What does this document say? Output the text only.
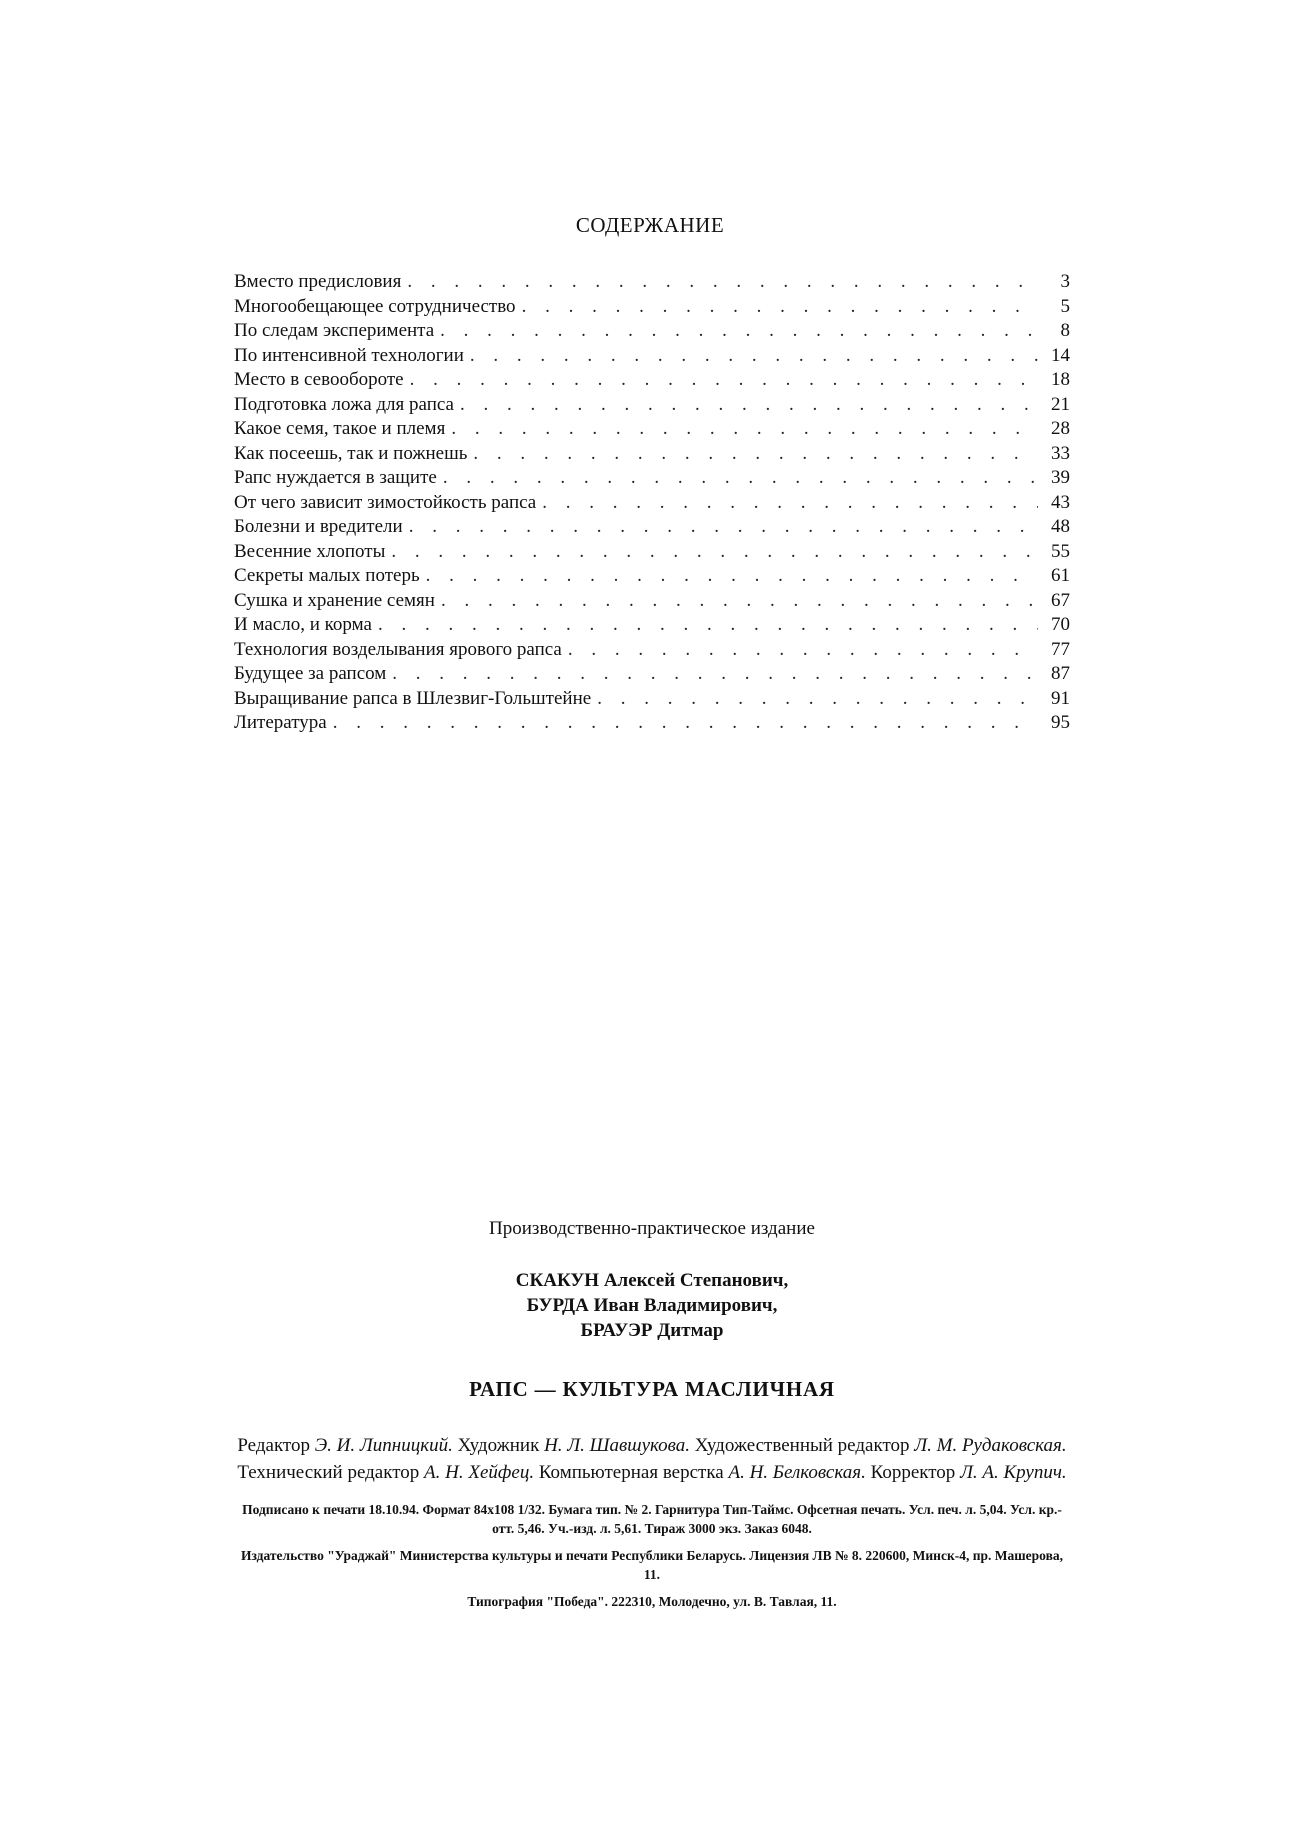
СОДЕРЖАНИЕ
Вместо предисловия . . .	3
Многообещающее сотрудничество . . .	5
По следам эксперимента . . .	8
По интенсивной технологии . . .	14
Место в севообороте . . .	18
Подготовка ложа для рапса . . .	21
Какое семя, такое и племя . . .	28
Как посеешь, так и пожнешь . . .	33
Рапс нуждается в защите . . .	39
От чего зависит зимостойкость рапса . . .	43
Болезни и вредители . . .	48
Весенние хлопоты . . .	55
Секреты малых потерь . . .	61
Сушка и хранение семян . . .	67
И масло, и корма . . .	70
Технология возделывания ярового рапса . . .	77
Будущее за рапсом . . .	87
Выращивание рапса в Шлезвиг-Гольштейне . . .	91
Литература . . .	95

Производственно-практическое издание

СКАКУН Алексей Степанович,
БУРДА Иван Владимирович,
БРАУЭР Дитмар

РАПС — КУЛЬТУРА МАСЛИЧНАЯ

Редактор Э. И. Липницкий. Художник Н. Л. Шавшукова. Художественный редактор Л. М. Рудаковская. Технический редактор А. Н. Хейфец. Компьютерная верстка А. Н. Белковская. Корректор Л. А. Крупич.

Подписано к печати 18.10.94. Формат 84х108 1/32. Бумага тип. № 2. Гарнитура Тип-Таймс. Офсетная печать. Усл. печ. л. 5,04. Усл. кр.-отт. 5,46. Уч.-изд. л. 5,61. Тираж 3000 экз. Заказ 6048.

Издательство "Ураджай" Министерства культуры и печати Республики Беларусь. Лицензия ЛВ № 8. 220600, Минск-4, пр. Машерова, 11.

Типография "Победа". 222310, Молодечно, ул. В. Тавлая, 11.
